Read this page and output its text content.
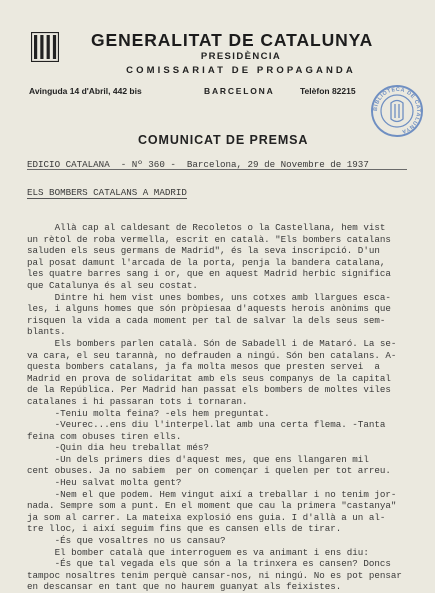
GENERALITAT DE CATALUNYA
PRESIDÈNCIA
COMISSARIAT DE PROPAGANDA
Avinguda 14 d'Abril, 442 bis	BARCELONA	Telèfon 82215
BIBLIOTECA DE CATALUNYA
COMUNICAT DE PREMSA
EDICIO CATALANA  - Nº 360 -  Barcelona, 29 de Novembre de 1937
ELS BOMBERS CATALANS A MADRID
Allà cap al caldesant de Recoletos o la Castellana, hem vist
un rètol de roba vermella, escrit en català. "Els bombers catalans
saluden els seus germans de Madrid", és la seva inscripció. D'un
pal posat damunt l'arcada de la porta, penja la bandera catalana,
les quatre barres sang i or, que en aquest Madrid herbic significa
que Catalunya és al seu costat.
Dintre hi hem vist unes bombes, uns cotxes amb llargues esca-
les, i alguns homes que són pròpiesaa d'aquests herois anònims que
risquen la vida a cada moment per tal de salvar la dels seus sem-
blants.
Els bombers parlen català. Són de Sabadell i de Mataró. La se-
va cara, el seu tarannà, no defrauden a ningú. Són ben catalans. A-
questa bombers catalans, ja fa molta mesos que presten servei  a
Madrid en prova de solidaritat amb els seus companys de la capital
de la República. Per Madrid han passat els bombers de moltes viles
catalanes i hi passaran tots i tornaran.
-Teniu molta feina? -els hem preguntat.
-Veurec...ens diu l'interpel.lat amb una certa flema. -Tanta
feina com obuses tiren ells.
-Quin dia heu treballat més?
-Un dels primers dies d'aquest mes, que ens llangaren mil
cent obuses. Ja no sabiem  per on començar i quelen per tot arreu.
-Heu salvat molta gent?
-Nem el que podem. Hem vingut així a treballar i no tenim jor-
nada. Sempre som a punt. En el moment que cau la primera "castanya"
ja som al carrer. La mateixa explosió ens guia. I d'allà a un al-
tre lloc, i així seguim fins que es cansen ells de tirar.
-És que vosaltres no us cansau?
El bomber català que interroguem es va animant i ens diu:
-És que tal vegada els que són a la trinxera es cansen? Doncs
tampoc nosaltres tenim perquè cansar-nos, ni ningú. No es pot pensar
en descansar en tant que no haurem guanyat als feixistes.
